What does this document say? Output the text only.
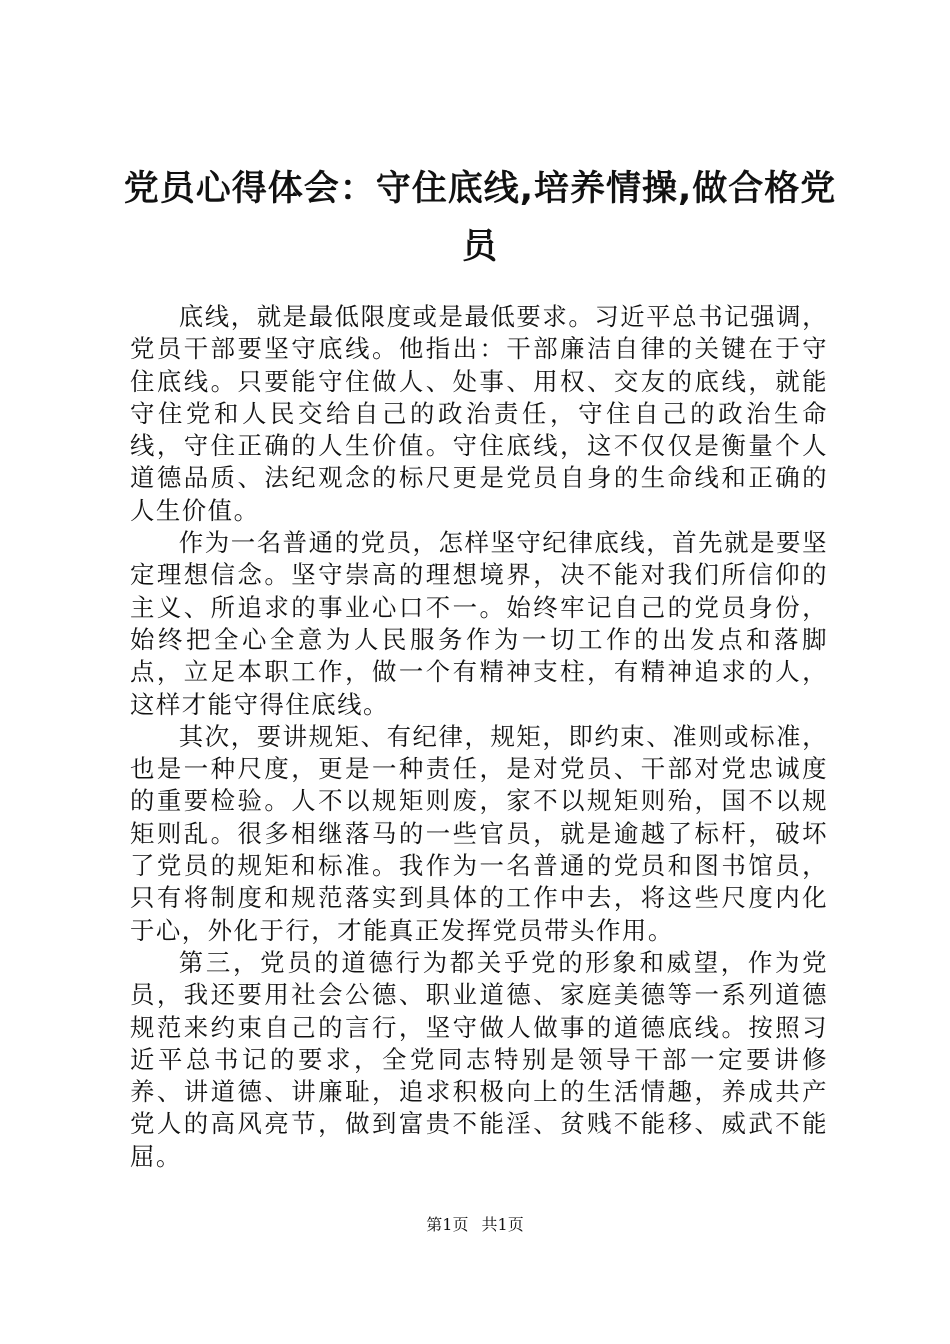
党员心得体会：守住底线,培养情操,做合格党员

底线，就是最低限度或是最低要求。习近平总书记强调，党员干部要坚守底线。他指出：干部廉洁自律的关键在于守住底线。只要能守住做人、处事、用权、交友的底线，就能守住党和人民交给自己的政治责任，守住自己的政治生命线，守住正确的人生价值。守住底线，这不仅仅是衡量个人道德品质、法纪观念的标尺更是党员自身的生命线和正确的人生价值。

作为一名普通的党员，怎样坚守纪律底线，首先就是要坚定理想信念。坚守崇高的理想境界，决不能对我们所信仰的主义、所追求的事业心口不一。始终牢记自己的党员身份，始终把全心全意为人民服务作为一切工作的出发点和落脚点，立足本职工作，做一个有精神支柱，有精神追求的人，这样才能守得住底线。

其次，要讲规矩、有纪律，规矩，即约束、准则或标准，也是一种尺度，更是一种责任，是对党员、干部对党忠诚度的重要检验。人不以规矩则废，家不以规矩则殆，国不以规矩则乱。很多相继落马的一些官员，就是逾越了标杆，破坏了党员的规矩和标准。我作为一名普通的党员和图书馆员，只有将制度和规范落实到具体的工作中去，将这些尺度内化于心，外化于行，才能真正发挥党员带头作用。

第三，党员的道德行为都关乎党的形象和威望，作为党员，我还要用社会公德、职业道德、家庭美德等一系列道德规范来约束自己的言行，坚守做人做事的道德底线。按照习近平总书记的要求，全党同志特别是领导干部一定要讲修养、讲道德、讲廉耻，追求积极向上的生活情趣，养成共产党人的高风亮节，做到富贵不能淫、贫贱不能移、威武不能屈。

第1页 共1页
